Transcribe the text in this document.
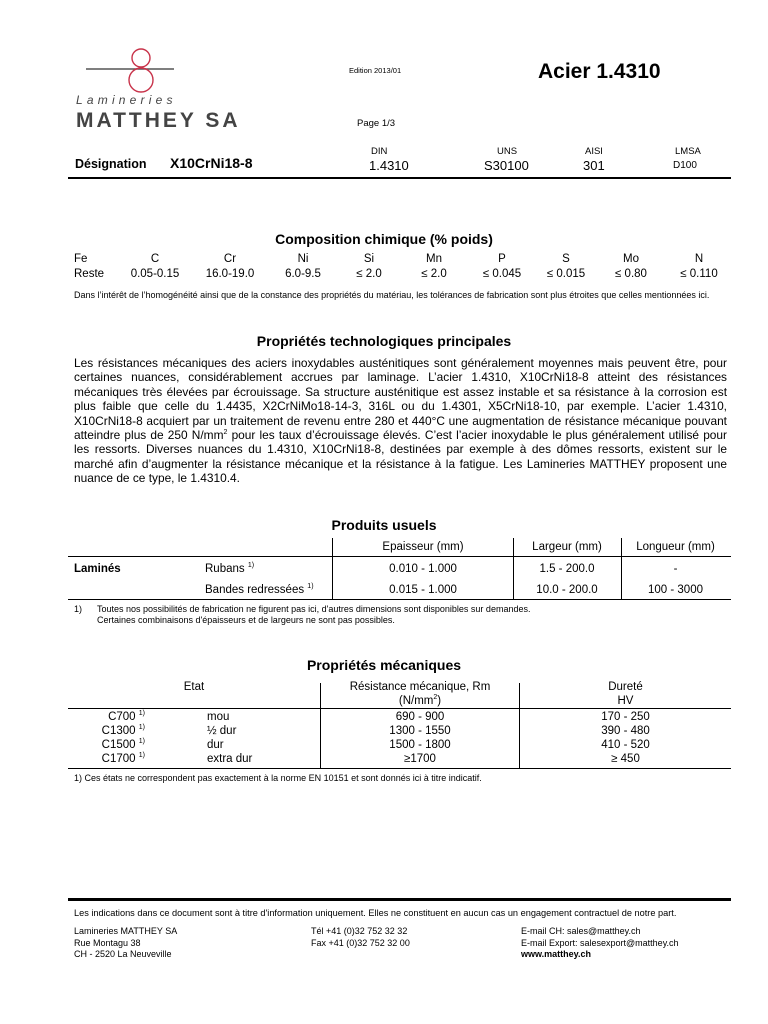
Lamineries
MATTHEY SA
Edition 2013/01	Acier 1.4310
Page 1/3
DIN	UNS	AISI	LMSA
Désignation X10CrNi18-8	1.4310	S30100	301	D100
Composition chimique (% poids)
Fe	C	Cr	Ni	Si	Mn	P	S	Mo	N
Reste	0.05-0.15	16.0-19.0	6.0-9.5	≤ 2.0	≤ 2.0	≤ 0.045	≤ 0.015	≤ 0.80	≤ 0.110
Dans l’intérêt de l’homogénéité ainsi que de la constance des propriétés du matériau, les tolérances de fabrication sont plus étroites que celles mentionnées ici.
Propriétés technologiques principales
Les résistances mécaniques des aciers inoxydables austénitiques sont généralement moyennes mais peuvent être, pour certaines nuances, considérablement accrues par laminage. L’acier 1.4310, X10CrNi18-8 atteint des résistances mécaniques très élevées par écrouissage. Sa structure austénitique est assez instable et sa résistance à la corrosion est plus faible que celle du 1.4435, X2CrNiMo18-14-3, 316L ou du 1.4301, X5CrNi18-10, par exemple. L’acier 1.4310, X10CrNi18-8 acquiert par un traitement de revenu entre 280 et 440°C une augmentation de résistance mécanique pouvant atteindre plus de 250 $N/mm^2$ pour les taux d’écrouissage élevés. C’est l’acier inoxydable le plus généralement utilisé pour les ressorts. Diverses nuances du 1.4310, X10CrNi18-8, destinées par exemple à des dômes ressorts, existent sur le marché afin d’augmenter la résistance mécanique et la résistance à la fatigue. Les Lamineries MATTHEY proposent une nuance de ce type, le 1.4310.4.
Produits usuels
Epaisseur (mm)	Largeur (mm)	Longueur (mm)
Laminés	Rubans $^{1)}$	0.010 - 1.000	1.5 - 200.0	-
Bandes redressées $^{1)}$	0.015 - 1.000	10.0 - 200.0	100 - 3000
1) Toutes nos possibilités de fabrication ne figurent pas ici, d'autres dimensions sont disponibles sur demandes.
Certaines combinaisons d'épaisseurs et de largeurs ne sont pas possibles.
Propriétés mécaniques
Etat	Résistance mécanique, Rm
$(N/mm^2)$
Dureté
HV
C700 $^{1)}$	mou	690 - 900	170 - 250
C1300 $^{1)}$	½ dur	1300 - 1550	390 - 480
C1500 $^{1)}$	dur	1500 - 1800	410 - 520
C1700 $^{1)}$	extra dur	≥1700	≥ 450
1) Ces états ne correspondent pas exactement à la norme EN 10151 et sont donnés ici à titre indicatif.
Les indications dans ce document sont à titre d'information uniquement. Elles ne constituent en aucun cas un engagement contractuel de notre part.
Lamineries MATTHEY SA
Rue Montagu 38
CH - 2520 La Neuveville
Tél +41 (0)32 752 32 32
Fax +41 (0)32 752 32 00
E-mail CH: sales@matthey.ch
E-mail Export: salesexport@matthey.ch
www.matthey.ch
